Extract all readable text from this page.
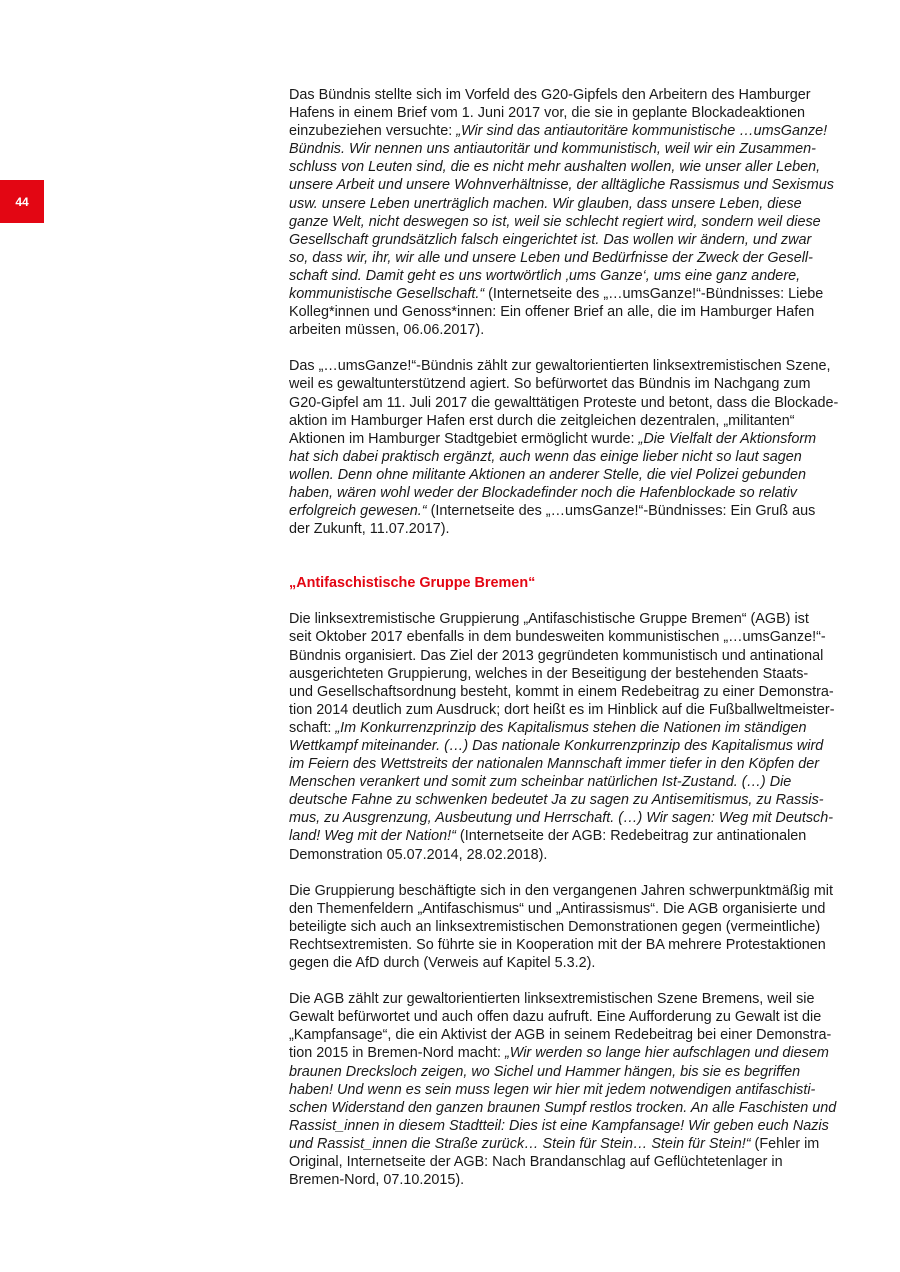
44

Das Bündnis stellte sich im Vorfeld des G20-Gipfels den Arbeitern des Hamburger
Hafens in einem Brief vom 1. Juni 2017 vor, die sie in geplante Blockadeaktionen
einzubeziehen versuchte: „Wir sind das antiautoritäre kommunistische …umsGanze!
Bündnis. Wir nennen uns antiautoritär und kommunistisch, weil wir ein Zusammen-
schluss von Leuten sind, die es nicht mehr aushalten wollen, wie unser aller Leben,
unsere Arbeit und unsere Wohnverhältnisse, der alltägliche Rassismus und Sexismus
usw. unsere Leben unerträglich machen. Wir glauben, dass unsere Leben, diese
ganze Welt, nicht deswegen so ist, weil sie schlecht regiert wird, sondern weil diese
Gesellschaft grundsätzlich falsch eingerichtet ist. Das wollen wir ändern, und zwar
so, dass wir, ihr, wir alle und unsere Leben und Bedürfnisse der Zweck der Gesell-
schaft sind. Damit geht es uns wortwörtlich ‚ums Ganze‘, ums eine ganz andere,
kommunistische Gesellschaft.“ (Internetseite des „…umsGanze!“-Bündnisses: Liebe
Kolleg*innen und Genoss*innen: Ein offener Brief an alle, die im Hamburger Hafen
arbeiten müssen, 06.06.2017).

Das „…umsGanze!“-Bündnis zählt zur gewaltorientierten linksextremistischen Szene,
weil es gewaltunterstützend agiert. So befürwortet das Bündnis im Nachgang zum
G20-Gipfel am 11. Juli 2017 die gewalttätigen Proteste und betont, dass die Blockade-
aktion im Hamburger Hafen erst durch die zeitgleichen dezentralen, „militanten“
Aktionen im Hamburger Stadtgebiet ermöglicht wurde: „Die Vielfalt der Aktionsform
hat sich dabei praktisch ergänzt, auch wenn das einige lieber nicht so laut sagen
wollen. Denn ohne militante Aktionen an anderer Stelle, die viel Polizei gebunden
haben, wären wohl weder der Blockadefinder noch die Hafenblockade so relativ
erfolgreich gewesen.“ (Internetseite des „…umsGanze!“-Bündnisses: Ein Gruß aus
der Zukunft, 11.07.2017).

„Antifaschistische Gruppe Bremen“

Die linksextremistische Gruppierung „Antifaschistische Gruppe Bremen“ (AGB) ist
seit Oktober 2017 ebenfalls in dem bundesweiten kommunistischen „…umsGanze!“-
Bündnis organisiert. Das Ziel der 2013 gegründeten kommunistisch und antinational
ausgerichteten Gruppierung, welches in der Beseitigung der bestehenden Staats-
und Gesellschaftsordnung besteht, kommt in einem Redebeitrag zu einer Demonstra-
tion 2014 deutlich zum Ausdruck; dort heißt es im Hinblick auf die Fußballweltmeister-
schaft: „Im Konkurrenzprinzip des Kapitalismus stehen die Nationen im ständigen
Wettkampf miteinander. (…) Das nationale Konkurrenzprinzip des Kapitalismus wird
im Feiern des Wettstreits der nationalen Mannschaft immer tiefer in den Köpfen der
Menschen verankert und somit zum scheinbar natürlichen Ist-Zustand. (…) Die
deutsche Fahne zu schwenken bedeutet Ja zu sagen zu Antisemitismus, zu Rassis-
mus, zu Ausgrenzung, Ausbeutung und Herrschaft. (…) Wir sagen: Weg mit Deutsch-
land! Weg mit der Nation!“ (Internetseite der AGB: Redebeitrag zur antinationalen
Demonstration 05.07.2014, 28.02.2018).

Die Gruppierung beschäftigte sich in den vergangenen Jahren schwerpunktmäßig mit
den Themenfeldern „Antifaschismus“ und „Antirassismus“. Die AGB organisierte und
beteiligte sich auch an linksextremistischen Demonstrationen gegen (vermeintliche)
Rechtsextremisten. So führte sie in Kooperation mit der BA mehrere Protestaktionen
gegen die AfD durch (Verweis auf Kapitel 5.3.2).

Die AGB zählt zur gewaltorientierten linksextremistischen Szene Bremens, weil sie
Gewalt befürwortet und auch offen dazu aufruft. Eine Aufforderung zu Gewalt ist die
„Kampfansage“, die ein Aktivist der AGB in seinem Redebeitrag bei einer Demonstra-
tion 2015 in Bremen-Nord macht: „Wir werden so lange hier aufschlagen und diesem
braunen Drecksloch zeigen, wo Sichel und Hammer hängen, bis sie es begriffen
haben! Und wenn es sein muss legen wir hier mit jedem notwendigen antifaschisti-
schen Widerstand den ganzen braunen Sumpf restlos trocken. An alle Faschisten und
Rassist_innen in diesem Stadtteil: Dies ist eine Kampfansage! Wir geben euch Nazis
und Rassist_innen die Straße zurück… Stein für Stein… Stein für Stein!“ (Fehler im
Original, Internetseite der AGB: Nach Brandanschlag auf Geflüchtetenlager in
Bremen-Nord, 07.10.2015).
